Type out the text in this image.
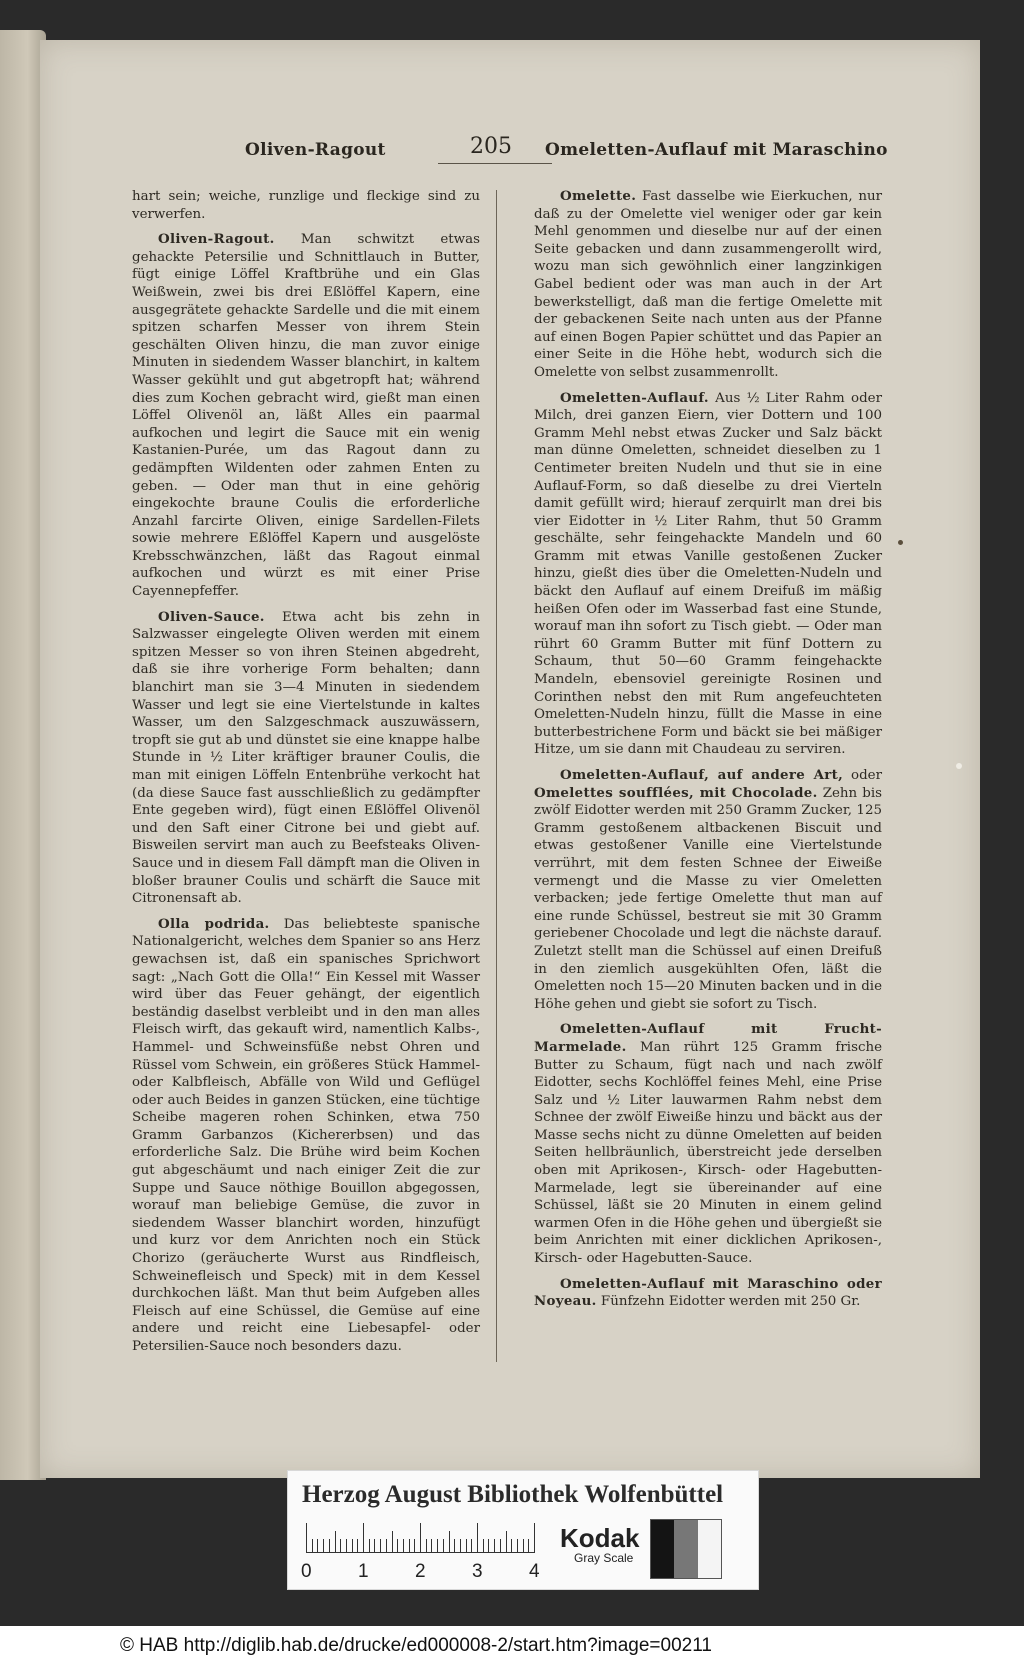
Oliven-Ragout	205 Omeletten-Auflauf mit Maraschino

hart sein; weiche, runzlige und fleckige sind zu verwerfen.

Oliven-Ragout. Man schwitzt etwas gehackte Petersilie und Schnittlauch in Butter, fügt einige Löffel Kraftbrühe und ein Glas Weißwein, zwei bis drei Eßlöffel Kapern, eine ausgegrätete gehackte Sardelle und die mit einem spitzen scharfen Messer von ihrem Stein geschälten Oliven hinzu, die man zuvor einige Minuten in siedendem Wasser blanchirt, in kaltem Wasser gekühlt und gut abgetropft hat; während dies zum Kochen gebracht wird, gießt man einen Löffel Olivenöl an, läßt Alles ein paarmal aufkochen und legirt die Sauce mit ein wenig Kastanien-Purée, um das Ragout dann zu gedämpften Wildenten oder zahmen Enten zu geben. — Oder man thut in eine gehörig eingekochte braune Coulis die erforderliche Anzahl farcirte Oliven, einige Sardellen-Filets sowie mehrere Eßlöffel Kapern und ausgelöste Krebsschwänzchen, läßt das Ragout einmal aufkochen und würzt es mit einer Prise Cayennepfeffer.

Oliven-Sauce. Etwa acht bis zehn in Salzwasser eingelegte Oliven werden mit einem spitzen Messer so von ihren Steinen abgedreht, daß sie ihre vorherige Form behalten; dann blanchirt man sie 3—4 Minuten in siedendem Wasser und legt sie eine Viertelstunde in kaltes Wasser, um den Salzgeschmack auszuwässern, tropft sie gut ab und dünstet sie eine knappe halbe Stunde in ½ Liter kräftiger brauner Coulis, die man mit einigen Löffeln Entenbrühe verkocht hat (da diese Sauce fast ausschließlich zu gedämpfter Ente gegeben wird), fügt einen Eßlöffel Olivenöl und den Saft einer Citrone bei und giebt auf. Bisweilen servirt man auch zu Beefsteaks Oliven-Sauce und in diesem Fall dämpft man die Oliven in bloßer brauner Coulis und schärft die Sauce mit Citronensaft ab.

Olla podrida. Das beliebteste spanische Nationalgericht, welches dem Spanier so ans Herz gewachsen ist, daß ein spanisches Sprichwort sagt: „Nach Gott die Olla!“ Ein Kessel mit Wasser wird über das Feuer gehängt, der eigentlich beständig daselbst verbleibt und in den man alles Fleisch wirft, das gekauft wird, namentlich Kalbs-, Hammel- und Schweinsfüße nebst Ohren und Rüssel vom Schwein, ein größeres Stück Hammel- oder Kalbfleisch, Abfälle von Wild und Geflügel oder auch Beides in ganzen Stücken, eine tüchtige Scheibe mageren rohen Schinken, etwa 750 Gramm Garbanzos (Kichererbsen) und das erforderliche Salz. Die Brühe wird beim Kochen gut abgeschäumt und nach einiger Zeit die zur Suppe und Sauce nöthige Bouillon abgegossen, worauf man beliebige Gemüse, die zuvor in siedendem Wasser blanchirt worden, hinzufügt und kurz vor dem Anrichten noch ein Stück Chorizo (geräucherte Wurst aus Rindfleisch, Schweinefleisch und Speck) mit in dem Kessel durchkochen läßt. Man thut beim Aufgeben alles Fleisch auf eine Schüssel, die Gemüse auf eine andere und reicht eine Liebesapfel- oder Petersilien-Sauce noch besonders dazu.

Omelette. Fast dasselbe wie Eierkuchen, nur daß zu der Omelette viel weniger oder gar kein Mehl genommen und dieselbe nur auf der einen Seite gebacken und dann zusammengerollt wird, wozu man sich gewöhnlich einer langzinkigen Gabel bedient oder was man auch in der Art bewerkstelligt, daß man die fertige Omelette mit der gebackenen Seite nach unten aus der Pfanne auf einen Bogen Papier schüttet und das Papier an einer Seite in die Höhe hebt, wodurch sich die Omelette von selbst zusammenrollt.

Omeletten-Auflauf. Aus ½ Liter Rahm oder Milch, drei ganzen Eiern, vier Dottern und 100 Gramm Mehl nebst etwas Zucker und Salz bäckt man dünne Omeletten, schneidet dieselben zu 1 Centimeter breiten Nudeln und thut sie in eine Auflauf-Form, so daß dieselbe zu drei Vierteln damit gefüllt wird; hierauf zerquirlt man drei bis vier Eidotter in ½ Liter Rahm, thut 50 Gramm geschälte, sehr feingehackte Mandeln und 60 Gramm mit etwas Vanille gestoßenen Zucker hinzu, gießt dies über die Omeletten-Nudeln und bäckt den Auflauf auf einem Dreifuß im mäßig heißen Ofen oder im Wasserbad fast eine Stunde, worauf man ihn sofort zu Tisch giebt. — Oder man rührt 60 Gramm Butter mit fünf Dottern zu Schaum, thut 50—60 Gramm feingehackte Mandeln, ebensoviel gereinigte Rosinen und Corinthen nebst den mit Rum angefeuchteten Omeletten-Nudeln hinzu, füllt die Masse in eine butterbestrichene Form und bäckt sie bei mäßiger Hitze, um sie dann mit Chaudeau zu serviren.

Omeletten-Auflauf, auf andere Art, oder Omelettes soufflées, mit Chocolade. Zehn bis zwölf Eidotter werden mit 250 Gramm Zucker, 125 Gramm gestoßenem altbackenen Biscuit und etwas gestoßener Vanille eine Viertelstunde verrührt, mit dem festen Schnee der Eiweiße vermengt und die Masse zu vier Omeletten verbacken; jede fertige Omelette thut man auf eine runde Schüssel, bestreut sie mit 30 Gramm geriebener Chocolade und legt die nächste darauf. Zuletzt stellt man die Schüssel auf einen Dreifuß in den ziemlich ausgekühlten Ofen, läßt die Omeletten noch 15—20 Minuten backen und in die Höhe gehen und giebt sie sofort zu Tisch.

Omeletten-Auflauf mit Frucht-Marmelade. Man rührt 125 Gramm frische Butter zu Schaum, fügt nach und nach zwölf Eidotter, sechs Kochlöffel feines Mehl, eine Prise Salz und ½ Liter lauwarmen Rahm nebst dem Schnee der zwölf Eiweiße hinzu und bäckt aus der Masse sechs nicht zu dünne Omeletten auf beiden Seiten hellbräunlich, überstreicht jede derselben oben mit Aprikosen-, Kirsch- oder Hagebutten-Marmelade, legt sie übereinander auf eine Schüssel, läßt sie 20 Minuten in einem gelind warmen Ofen in die Höhe gehen und übergießt sie beim Anrichten mit einer dicklichen Aprikosen-, Kirsch- oder Hagebutten-Sauce.

Omeletten-Auflauf mit Maraschino oder Noyeau. Fünfzehn Eidotter werden mit 250 Gr.

Herzog August Bibliothek Wolfenbüttel
0 1 2 3 4
Kodak
Gray Scale
© HAB http://diglib.hab.de/drucke/ed000008-2/start.htm?image=00211
